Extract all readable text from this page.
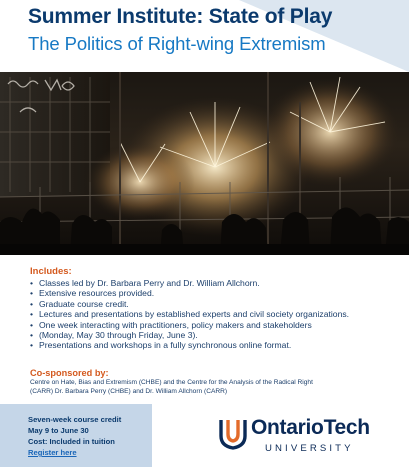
Summer Institute: State of Play
The Politics of Right-wing Extremism
Includes:
• Classes led by Dr. Barbara Perry and Dr. William Allchorn.
• Extensive resources provided.
• Graduate course credit.
• Lectures and presentations by established experts and civil society organizations.
• One week interacting with practitioners, policy makers and stakeholders
• (Monday, May 30 through Friday, June 3).
• Presentations and workshops in a fully synchronous online format.
Co-sponsored by:
Centre on Hate, Bias and Extremism (CHBE) and the Centre for the Analysis of the Radical Right
(CARR) Dr. Barbara Perry (CHBE) and Dr. William Allchorn (CARR)
Seven-week course credit
May 9 to June 30
Cost: Included in tuition
Register here
OntarioTech
UNIVERSITY
